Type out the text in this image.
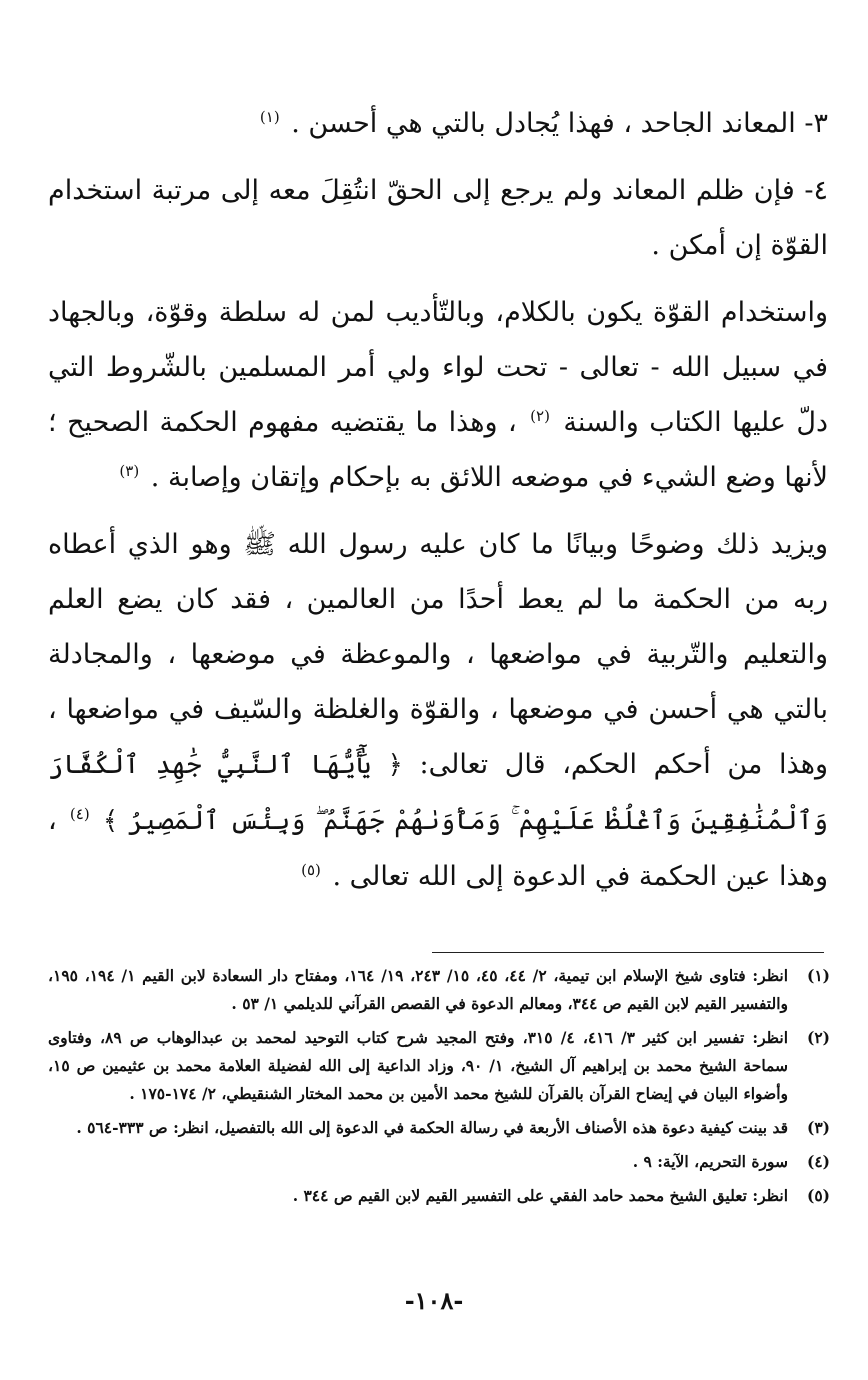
٣- المعاند الجاحد ، فهذا يُجادل بالتي هي أحسن . $^{(١)}$

٤- فإن ظلم المعاند ولم يرجع إلى الحقّ انتُقِلَ معه إلى مرتبة استخدام القوّة إن أمكن .

واستخدام القوّة يكون بالكلام، وبالتّأديب لمن له سلطة وقوّة، وبالجهاد في سبيل الله - تعالى - تحت لواء ولي أمر المسلمين بالشّروط التي دلّ عليها الكتاب والسنة $^{(٢)}$ ، وهذا ما يقتضيه مفهوم الحكمة الصحيح ؛ لأنها وضع الشيء في موضعه اللائق به بإحكام وإتقان وإصابة . $^{(٣)}$

ويزيد ذلك وضوحًا وبيانًا ما كان عليه رسول الله ﷺ وهو الذي أعطاه ربه من الحكمة ما لم يعط أحدًا من العالمين ، فقد كان يضع العلم والتعليم والتّربية في مواضعها ، والموعظة في موضعها ، والمجادلة بالتي هي أحسن في موضعها ، والقوّة والغلظة والسّيف في مواضعها ، وهذا من أحكم الحكم، قال تعالى: ﴿ يَٰٓأَيُّهَا ٱلنَّبِيُّ جَٰهِدِ ٱلْكُفَّارَ وَٱلْمُنَٰفِقِينَ وَٱغْلُظْ عَلَيْهِمْ ۚ وَمَأْوَىٰهُمْ جَهَنَّمُ ۖ وَبِئْسَ ٱلْمَصِيرُ ﴾ $^{(٤)}$ ، وهذا عين الحكمة في الدعوة إلى الله تعالى . $^{(٥)}$

(١)
انظر: فتاوى شيخ الإسلام ابن تيمية، ٢/ ٤٤، ٤٥، ١٥/ ٢٤٣، ١٩/ ١٦٤، ومفتاح دار السعادة لابن القيم ١/ ١٩٤، ١٩٥، والتفسير القيم لابن القيم ص ٣٤٤، ومعالم الدعوة في القصص القرآني للديلمي ١/ ٥٣ .
(٢)
انظر: تفسير ابن كثير ٣/ ٤١٦، ٤/ ٣١٥، وفتح المجيد شرح كتاب التوحيد لمحمد بن عبدالوهاب ص ٨٩، وفتاوى سماحة الشيخ محمد بن إبراهيم آل الشيخ، ١/ ٩٠، وزاد الداعية إلى الله لفضيلة العلامة محمد بن عثيمين ص ١٥، وأضواء البيان في إيضاح القرآن بالقرآن للشيخ محمد الأمين بن محمد المختار الشنقيطي، ٢/ ١٧٤-١٧٥ .
(٣)
قد بينت كيفية دعوة هذه الأصناف الأربعة في رسالة الحكمة في الدعوة إلى الله بالتفصيل، انظر: ص ٣٣٣-٥٦٤ .
(٤)
سورة التحريم، الآية: ٩ .
(٥)
انظر: تعليق الشيخ محمد حامد الفقي على التفسير القيم لابن القيم ص ٣٤٤ .
-١٠٨-
